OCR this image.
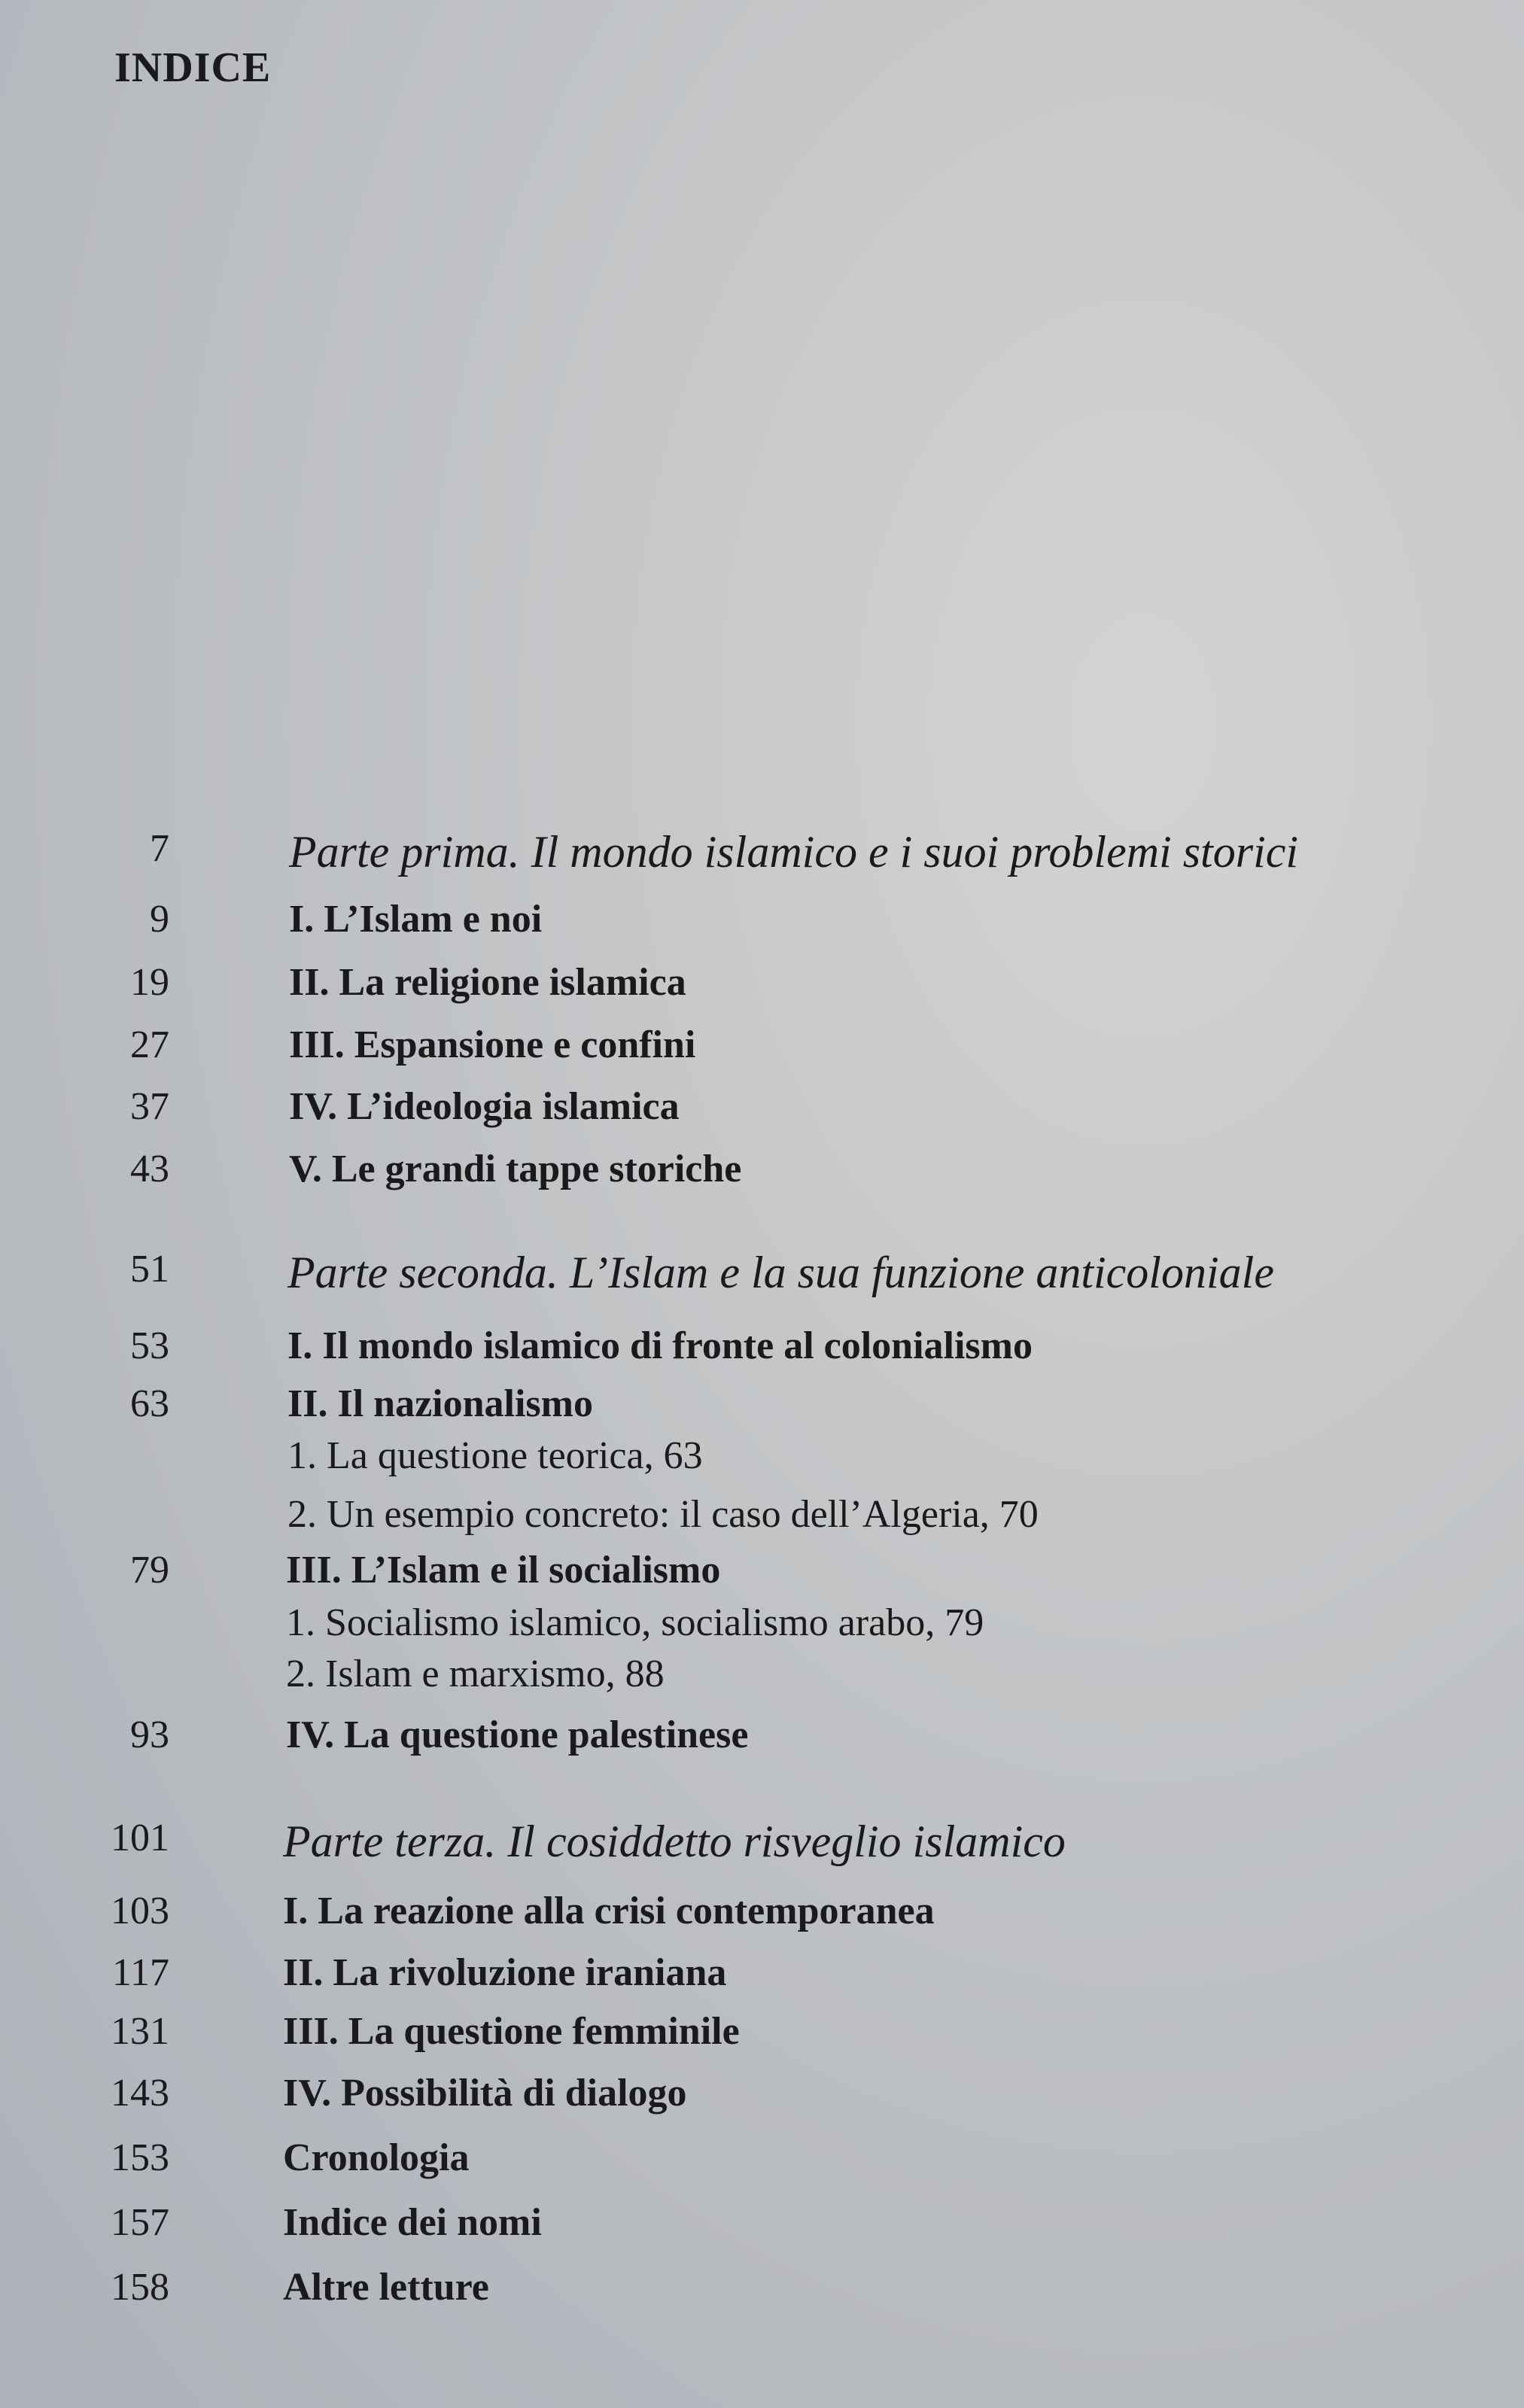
INDICE
7	Parte prima. Il mondo islamico e i suoi problemi storici
9	I. L’Islam e noi
19	II. La religione islamica
27	III. Espansione e confini
37	IV. L’ideologia islamica
43	V. Le grandi tappe storiche
51	Parte seconda. L’Islam e la sua funzione anticoloniale
53	I. Il mondo islamico di fronte al colonialismo
63	II. Il nazionalismo
1. La questione teorica, 63
2. Un esempio concreto: il caso dell’Algeria, 70
79	III. L’Islam e il socialismo
1. Socialismo islamico, socialismo arabo, 79
2. Islam e marxismo, 88
93	IV. La questione palestinese
101	Parte terza. Il cosiddetto risveglio islamico
103	I. La reazione alla crisi contemporanea
117	II. La rivoluzione iraniana
131	III. La questione femminile
143	IV. Possibilità di dialogo
153	Cronologia
157	Indice dei nomi
158	Altre letture
